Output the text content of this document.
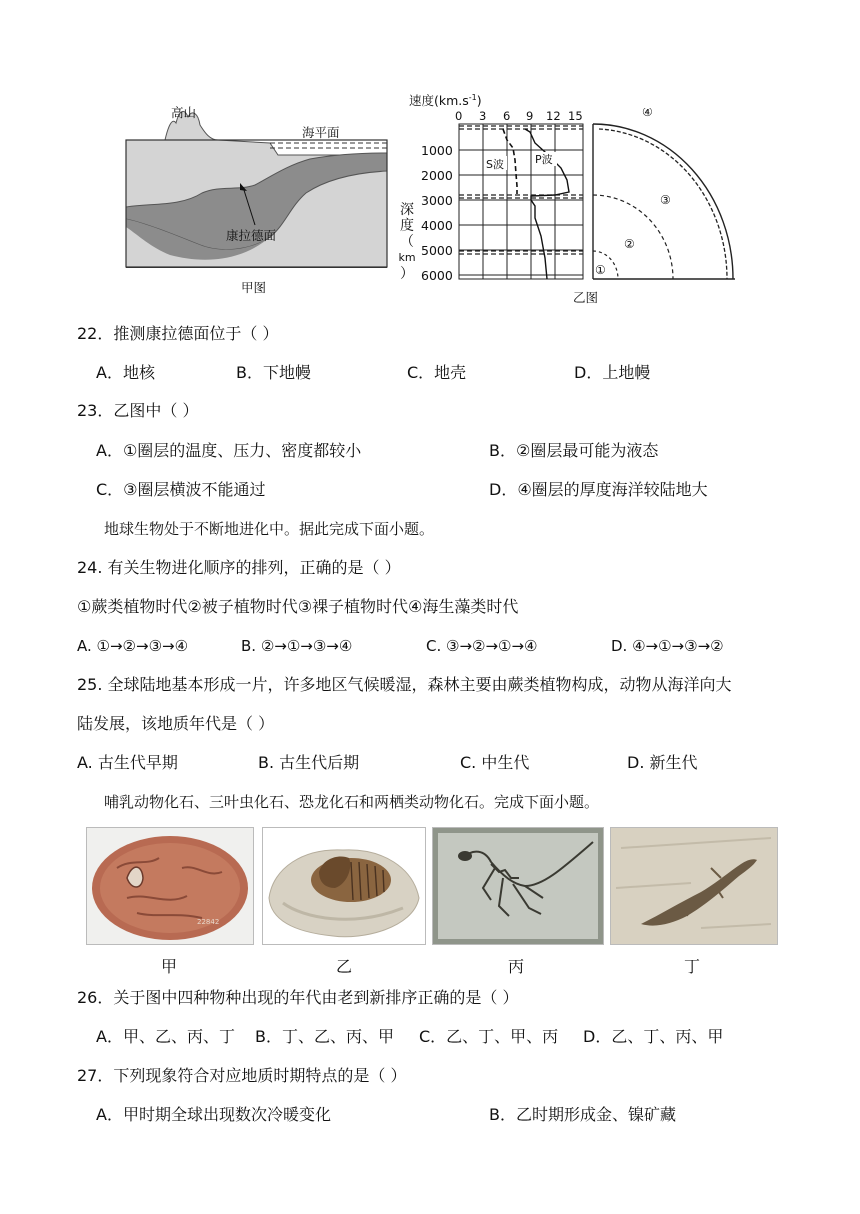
高山
海平面
康拉德面
甲图
速度$(km.s^{-1})$
0 3 6 9 12 15
S波	P波
①
②
③
④
1000
2000
3000
4000
5000
6000
深
度
（
km
）
乙图
22．推测康拉德面位于（ ）
A．地核	B．下地幔	C．地壳	D．上地幔
23．乙图中（ ）
A．①圈层的温度、压力、密度都较小	B．②圈层最可能为液态
C．③圈层横波不能通过	D．④圈层的厚度海洋较陆地大
地球生物处于不断地进化中。据此完成下面小题。
24. 有关生物进化顺序的排列，正确的是（ ）
①蕨类植物时代②被子植物时代③裸子植物时代④海生藻类时代
A. ①→②→③→④	B. ②→①→③→④	C. ③→②→①→④	D. ④→①→③→②
25. 全球陆地基本形成一片，许多地区气候暖湿，森林主要由蕨类植物构成，动物从海洋向大
陆发展，该地质年代是（ ）
A. 古生代早期	B. 古生代后期	C. 中生代	D. 新生代
哺乳动物化石、三叶虫化石、恐龙化石和两栖类动物化石。完成下面小题。
22842
甲	乙	丙	丁
26．关于图中四种物种出现的年代由老到新排序正确的是（ ）
A．甲、乙、丙、丁 B．丁、乙、丙、甲 C．乙、丁、甲、丙 D．乙、丁、丙、甲
27．下列现象符合对应地质时期特点的是（ ）
A．甲时期全球出现数次冷暖变化	B．乙时期形成金、镍矿藏
